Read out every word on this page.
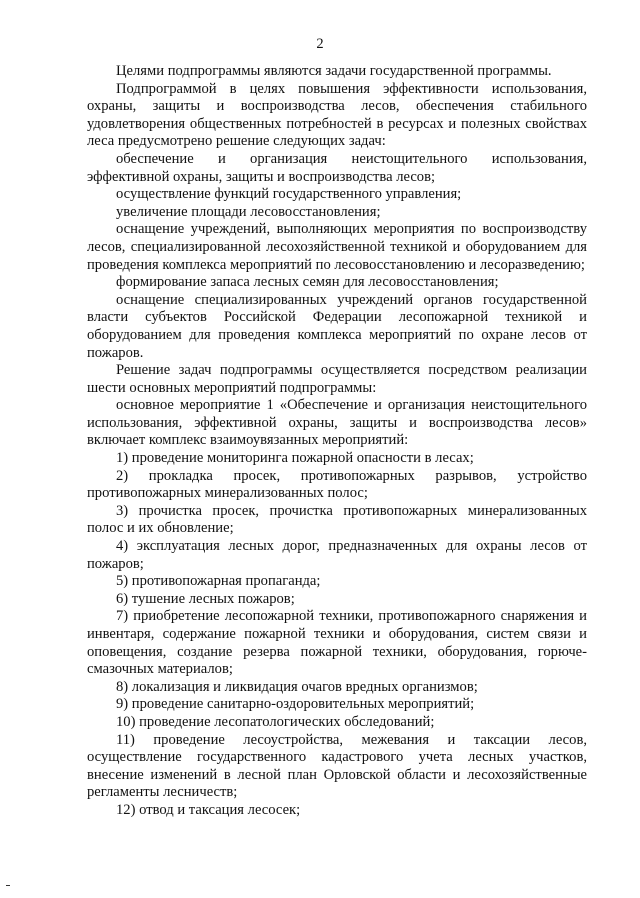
2

Целями подпрограммы являются задачи государственной программы.

Подпрограммой в целях повышения эффективности использования, охраны, защиты и воспроизводства лесов, обеспечения стабильного удовлетворения общественных потребностей в ресурсах и полезных свойствах леса предусмотрено решение следующих задач:

обеспечение и организация неистощительного использования, эффективной охраны, защиты и воспроизводства лесов;

осуществление функций государственного управления;

увеличение площади лесовосстановления;

оснащение учреждений, выполняющих мероприятия по воспроизводству лесов, специализированной лесохозяйственной техникой и оборудованием для проведения комплекса мероприятий по лесовосстановлению и лесоразведению;

формирование запаса лесных семян для лесовосстановления;

оснащение специализированных учреждений органов государственной власти субъектов Российской Федерации лесопожарной техникой и оборудованием для проведения комплекса мероприятий по охране лесов от пожаров.

Решение задач подпрограммы осуществляется посредством реализации шести основных мероприятий подпрограммы:

основное мероприятие 1 «Обеспечение и организация неистощительного использования, эффективной охраны, защиты и воспроизводства лесов» включает комплекс взаимоувязанных мероприятий:

1) проведение мониторинга пожарной опасности в лесах;

2) прокладка просек, противопожарных разрывов, устройство противопожарных минерализованных полос;

3) прочистка просек, прочистка противопожарных минерализованных полос и их обновление;

4) эксплуатация лесных дорог, предназначенных для охраны лесов от пожаров;

5) противопожарная пропаганда;

6) тушение лесных пожаров;

7) приобретение лесопожарной техники, противопожарного снаряжения и инвентаря, содержание пожарной техники и оборудования, систем связи и оповещения, создание резерва пожарной техники, оборудования, горюче-смазочных материалов;

8) локализация и ликвидация очагов вредных организмов;

9) проведение санитарно-оздоровительных мероприятий;

10) проведение лесопатологических обследований;

11) проведение лесоустройства, межевания и таксации лесов, осуществление государственного кадастрового учета лесных участков, внесение изменений в лесной план Орловской области и лесохозяйственные регламенты лесничеств;

12) отвод и таксация лесосек;
